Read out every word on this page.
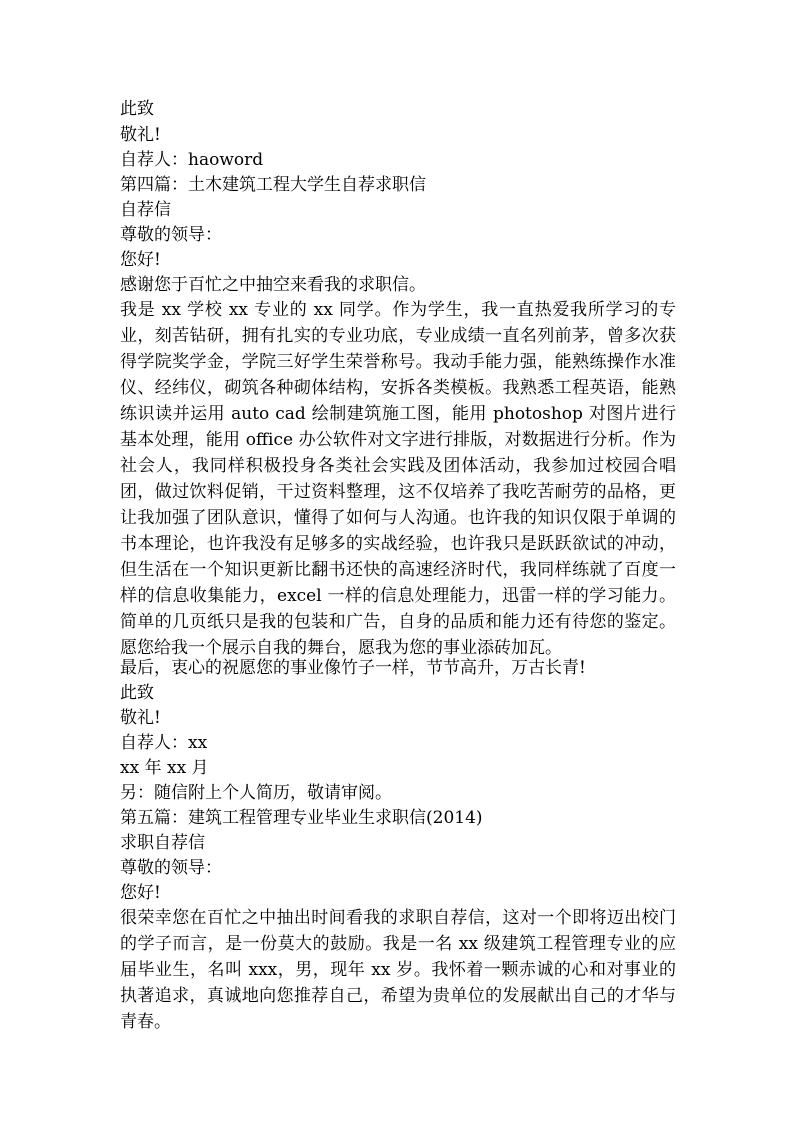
此致

敬礼!

自荐人：haoword

第四篇：土木建筑工程大学生自荐求职信

自荐信

尊敬的领导：

您好!

感谢您于百忙之中抽空来看我的求职信。

我是 xx 学校 xx 专业的 xx 同学。作为学生，我一直热爱我所学习的专业，刻苦钻研，拥有扎实的专业功底，专业成绩一直名列前茅，曾多次获得学院奖学金，学院三好学生荣誉称号。我动手能力强，能熟练操作水准仪、经纬仪，砌筑各种砌体结构，安拆各类模板。我熟悉工程英语，能熟练识读并运用 auto cad 绘制建筑施工图，能用 photoshop 对图片进行基本处理，能用 office 办公软件对文字进行排版，对数据进行分析。作为社会人，我同样积极投身各类社会实践及团体活动，我参加过校园合唱团，做过饮料促销，干过资料整理，这不仅培养了我吃苦耐劳的品格，更让我加强了团队意识，懂得了如何与人沟通。也许我的知识仅限于单调的书本理论，也许我没有足够多的实战经验，也许我只是跃跃欲试的冲动，但生活在一个知识更新比翻书还快的高速经济时代，我同样练就了百度一样的信息收集能力，excel 一样的信息处理能力，迅雷一样的学习能力。简单的几页纸只是我的包装和广告，自身的品质和能力还有待您的鉴定。愿您给我一个展示自我的舞台，愿我为您的事业添砖加瓦。

最后，衷心的祝愿您的事业像竹子一样，节节高升，万古长青!

此致

敬礼!

自荐人：xx

xx 年 xx 月

另：随信附上个人简历，敬请审阅。

第五篇：建筑工程管理专业毕业生求职信(2014)

求职自荐信

尊敬的领导：

您好!

很荣幸您在百忙之中抽出时间看我的求职自荐信，这对一个即将迈出校门的学子而言，是一份莫大的鼓励。我是一名 xx 级建筑工程管理专业的应届毕业生，名叫 xxx，男，现年 xx 岁。我怀着一颗赤诚的心和对事业的执著追求，真诚地向您推荐自己，希望为贵单位的发展献出自己的才华与青春。
